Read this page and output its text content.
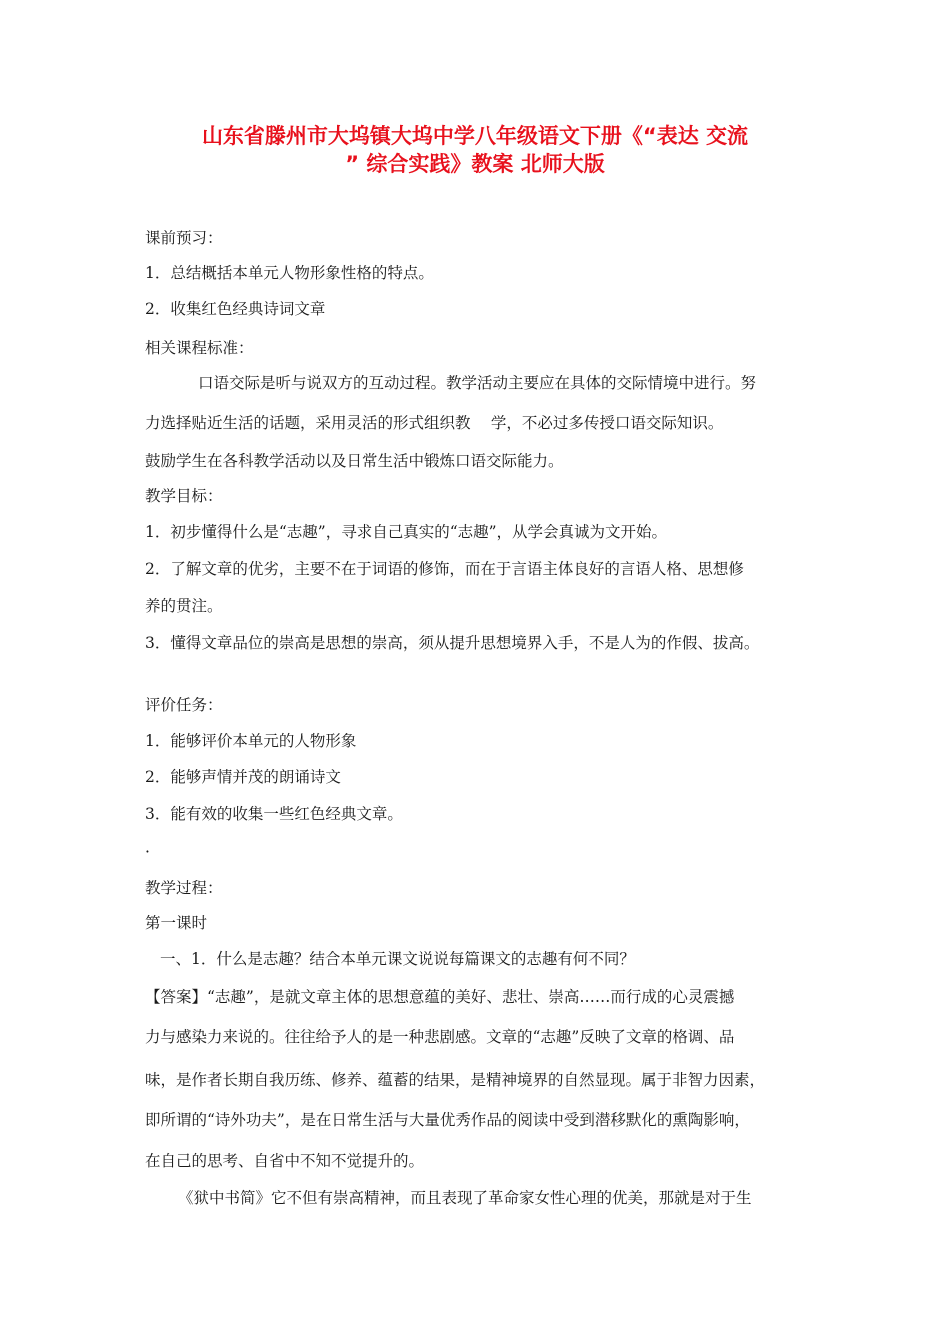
山东省滕州市大坞镇大坞中学八年级语文下册《“表达 交流
” 综合实践》教案 北师大版
课前预习：
1．总结概括本单元人物形象性格的特点。
2．收集红色经典诗词文章
相关课程标准：
口语交际是听与说双方的互动过程。教学活动主要应在具体的交际情境中进行。努
力选择贴近生活的话题，采用灵活的形式组织教　 学，不必过多传授口语交际知识。
鼓励学生在各科教学活动以及日常生活中锻炼口语交际能力。
教学目标：
1．初步懂得什么是“志趣”，寻求自己真实的“志趣”，从学会真诚为文开始。
2．了解文章的优劣，主要不在于词语的修饰，而在于言语主体良好的言语人格、思想修
养的贯注。
3．懂得文章品位的崇高是思想的崇高，须从提升思想境界入手，不是人为的作假、拔高。
评价任务：
1．能够评价本单元的人物形象
2．能够声情并茂的朗诵诗文
3．能有效的收集一些红色经典文章。
·
教学过程：
第一课时
一、1．什么是志趣？结合本单元课文说说每篇课文的志趣有何不同？
【答案】“志趣”，是就文章主体的思想意蕴的美好、悲壮、崇高……而行成的心灵震撼
力与感染力来说的。往往给予人的是一种悲剧感。文章的“志趣”反映了文章的格调、品
味，是作者长期自我历练、修养、蕴蓄的结果，是精神境界的自然显现。属于非智力因素，
即所谓的“诗外功夫”，是在日常生活与大量优秀作品的阅读中受到潜移默化的熏陶影响，
在自己的思考、自省中不知不觉提升的。
《狱中书简》它不但有崇高精神，而且表现了革命家女性心理的优美，那就是对于生
